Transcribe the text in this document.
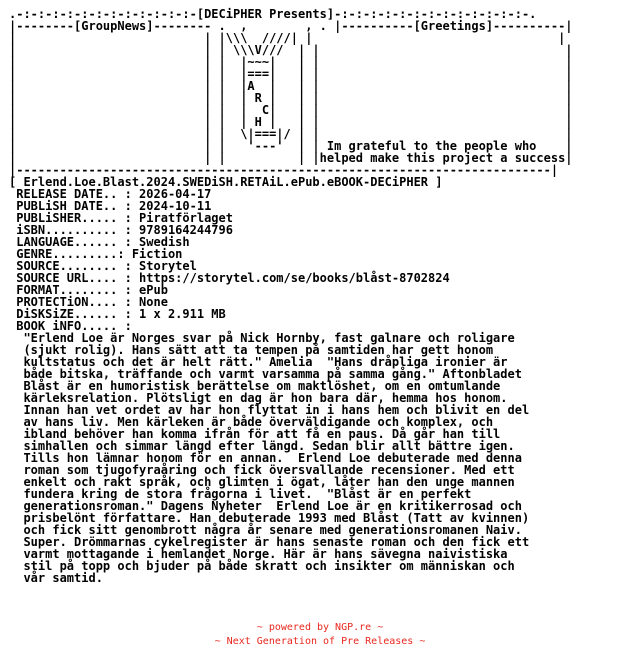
.-:-:-:-:-:-:-:-:-:-:-:-:-[DECiPHER Presents]-:-:-:-:-:-:-:-:-:-:-:-:-:-.
|--------[GroupNews]-------- .  ,        , . |----------[Greetings]----------|
|                          | |\\\  ////| |                                  |
|                          | | \\\V///  | |                                  |
|                          | |  |~~~|   | |                                  |
|                          | |  |===|   | |                                  |
|                          | |  |A  |   | |                                  |
|                          | |  | R |   | |                                  |
|                          | |  |  C|   | |                                  |
|                          | |  | H |   | |                                  |
|                          | |  \|===|/ | |                                  |
|                          | |   '---'  | | Im grateful to the people who    |
|                          | |          | |helped make this project a success|
|--------------------------------------------------------------------------|
[ Erlend.Loe.Blast.2024.SWEDiSH.RETAiL.ePub.eBOOK-DECiPHER ]
RELEASE DATE.. : 2026-04-17
PUBLiSH DATE.. : 2024-10-11
PUBLiSHER..... : Piratförlaget
iSBN.......... : 9789164244796
LANGUAGE...... : Swedish
GENRE.........: Fiction
SOURCE........ : Storytel
SOURCE URL.... : https://storytel.com/se/books/blåst-8702824
FORMAT........ : ePub
PROTECTiON.... : None
DiSKSiZE...... : 1 x 2.911 MB
BOOK iNFO..... :
"Erlend Loe är Norges svar på Nick Hornby, fast galnare och roligare
(sjukt rolig). Hans sätt att ta tempen på samtiden har gett honom
kultstatus och det är helt rätt." Amelia  "Hans dråpliga ironier är
både bitska, träffande och varmt varsamma på samma gång." Aftonbladet
Blåst är en humoristisk berättelse om maktlöshet, om en omtumlande
kärleksrelation. Plötsligt en dag är hon bara där, hemma hos honom.
Innan han vet ordet av har hon flyttat in i hans hem och blivit en del
av hans liv. Men kärleken är både överväldigande och komplex, och
ibland behöver han komma ifrån för att få en paus. Då går han till
simhallen och simmar längd efter längd. Sedan blir allt bättre igen.
Tills hon lämnar honom för en annan.  Erlend Loe debuterade med denna
roman som tjugofyraåring och fick översvallande recensioner. Med ett
enkelt och rakt språk, och glimten i ögat, låter han den unge mannen
fundera kring de stora frågorna i livet.  "Blåst är en perfekt
generationsroman." Dagens Nyheter  Erlend Loe är en kritikerrosad och
prisbelönt författare. Han debuterade 1993 med Blåst (Tatt av kvinnen)
och fick sitt genombrott några år senare med generationsromanen Naiv.
Super. Drömmarnas cykelregister är hans senaste roman och den fick ett
varmt mottagande i hemlandet Norge. Här är hans sävegna naivistiska
stil på topp och bjuder på både skratt och insikter om människan och
vår samtid.
~ powered by NGP.re ~
~ Next Generation of Pre Releases ~
